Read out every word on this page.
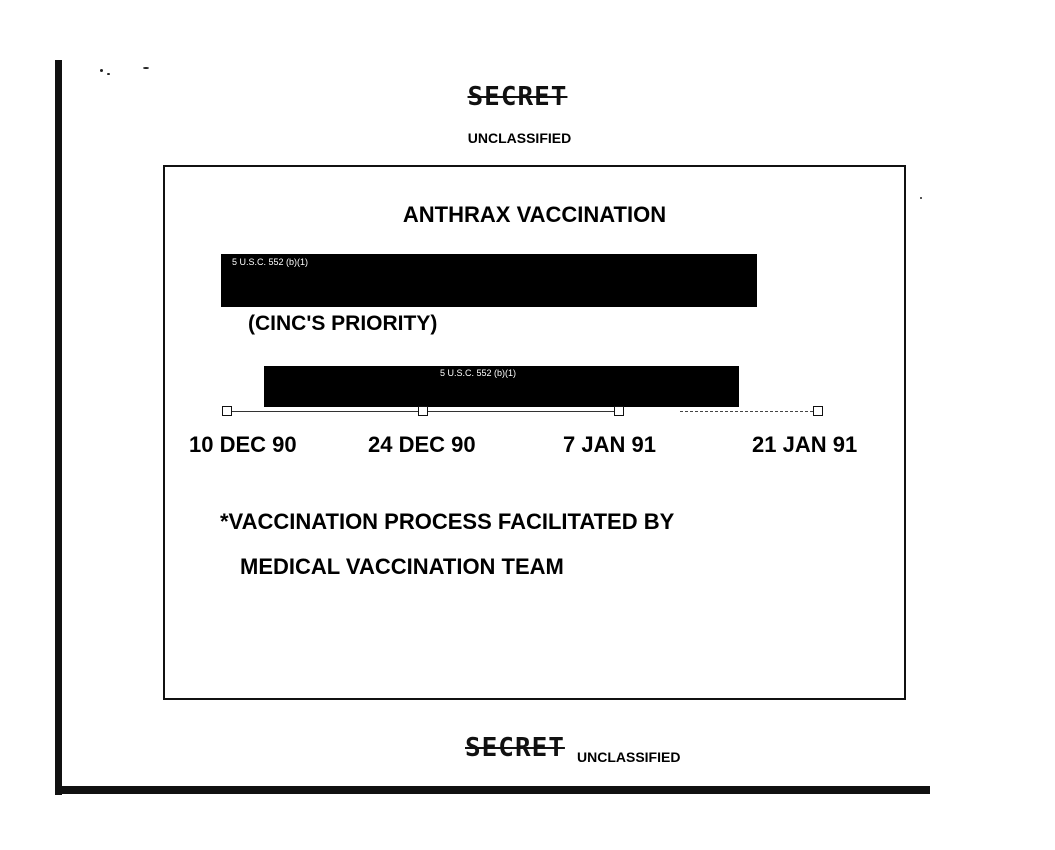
SECRET
UNCLASSIFIED
ANTHRAX VACCINATION
5 U.S.C. 552 (b)(1)
(CINC'S PRIORITY)
5 U.S.C. 552 (b)(1)
10 DEC 90	24 DEC 90	7 JAN 91	21 JAN 91
*VACCINATION PROCESS FACILITATED BY
MEDICAL VACCINATION TEAM
SECRET UNCLASSIFIED
